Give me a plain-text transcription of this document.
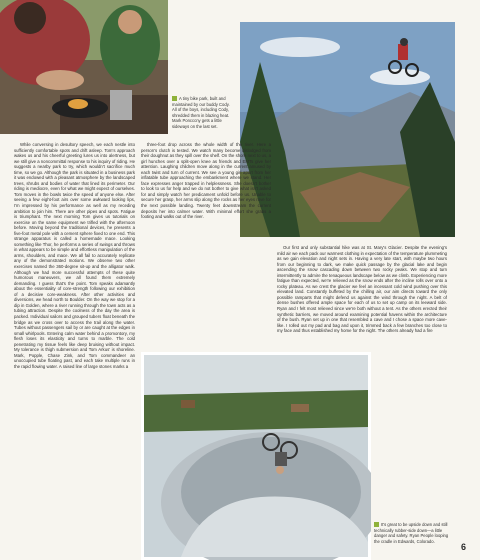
A tiny bike park, built and maintained by our buddy Cody. All of the boys, including Cody, shredded them in blazing heat. Mark Poncccny gets a little sideways on the last set.

While conversing in desultory speech, we each nestle into sufficiently comfortable spots and drift asleep. Tom's approach wakes us and his cheerful greeting lures us into alertness, but we still give a noncommittal response to his inquiry of riding. He suggests a nearby park to try, which wouldn't sacrifice much time, so we go. Although the park is situated in a business park it was endowed with a pleasant atmosphere by the landscaped trees, shrubs and bodies of water that lined its perimeter. Our riding is mediocre, even for what we might expect of ourselves. Tom moves in the bowls twice the speed of anyone else. After seeing a few eight-foot airs over some awkward looking lips, I'm impressed by his performance as well as my receding ambition to join him. There are other pipes and spots. Fatigue is triumphant. The next morning Tom gives us tutorials on exercise on the same equipment we trifled with the afternoon before. Moving beyond the traditional devices, he presents a five-foot metal pole with a cement sphere fixed to one end. This strange apparatus is called a homemade mace. Looking something like Thor, he performs a series of swings and throws in what appears to be simple and effortless manipulation of the arms, shoulders, and mace. We all fail to accurately replicate any of the demonstrated motions. We observe two other exercises named the 360-degree sit-up and the alligator walk. Although we had more successful attempts of these quite humorous maneuvers, we all found them extremely demanding. I guess that's the point. Tom speaks adamantly about the essentiality of core-strength following our exhibition of a decisive core-weakness. After other activities and diversions, we head north to Boulder. On the way we stop for a dip in Golden, where a river running through the town acts as a tubing attraction. Despite the coolness of the day the area is packed. Individual sailors and grouped tubers float beneath the bridge as we cross over to access the trail along the water. Tubes without passengers sail by or are caught at the edges in small whirlpools. Entering calm water behind a promontory, my flesh loses its elasticity and turns to marble. The cold penetrating my tissue feels like deep bruising without impact. My tolerance is thigh submersion and Tom Arkus' is shoreline. Mark, Popple, Chase Zink, and Tom commandeer an unoccupied tube floating past, and each take multiple runs in the rapid flowing water. A raised line of large stones marks a

three-foot drop across the whole width of the river. Here a person's clutch is tested. We watch many become dislodged from their doughnut as they spill over the shelf. On the shore next to us, a girl hunches over a split-open knee as friends and EMTs give her attention. Laughing children move along in the current amused by each twist and turn of current. We see a young girl apart from her inflatable tube approaching the embankment where we stand. Her face expresses anger trapped in helplessness. She doesn't bother to look to us for help and we do not bother to give what isn't asked for and simply watch her predicament unfold before us. Unable to secure her grasp, her arms slip along the rocks as her eyes rove for the next possible landing. Twenty feet downstream the current deposits her into calmer water. With minimal effort she grabs a footing and walks out of the river.

Our first and only substantial hike was at St. Mary's Glacier. Despite the evening's mild air we each pack our warmest clothing in expectation of the temperature plummeting as we gain elevation and night sets in. Having a very late start, with maybe two hours from our beginning to dark, we make quick passage by the glacial lake and begin ascending the snow cascading down between two rocky peaks. We stop and turn intermittently to admire the tenaqueous landscape below as we climb. Experiencing more fatigue than expected, we're relieved as the snow ends after the incline rolls over onto a rocky plateau. As we crest the glacier we feel an incessant cold wind pushing over this elevated land. Constantly buffeted by the chilling air, our aim directs toward the only possible ramparts that might defend us against the wind through the night. A belt of dense bushes offered ample space for each of us to set up camp on its leeward side. Ryan and I felt most relieved since we're both without a tent. As the others erected their synthetic barriers, we moved around examining potential havens within the architecture of the bush. Ryan set up in one that resembled a cave and I chose a space more cave-like. I rolled out my pad and bag and upon it, trimmed back a few branches too close to my face and thus established my home for the night. The others already had a fire

It's great to be upside down and still technically rubber-side down—a little danger and safety. Ryan People looping the cradle in Edwards, Colorado.
6
